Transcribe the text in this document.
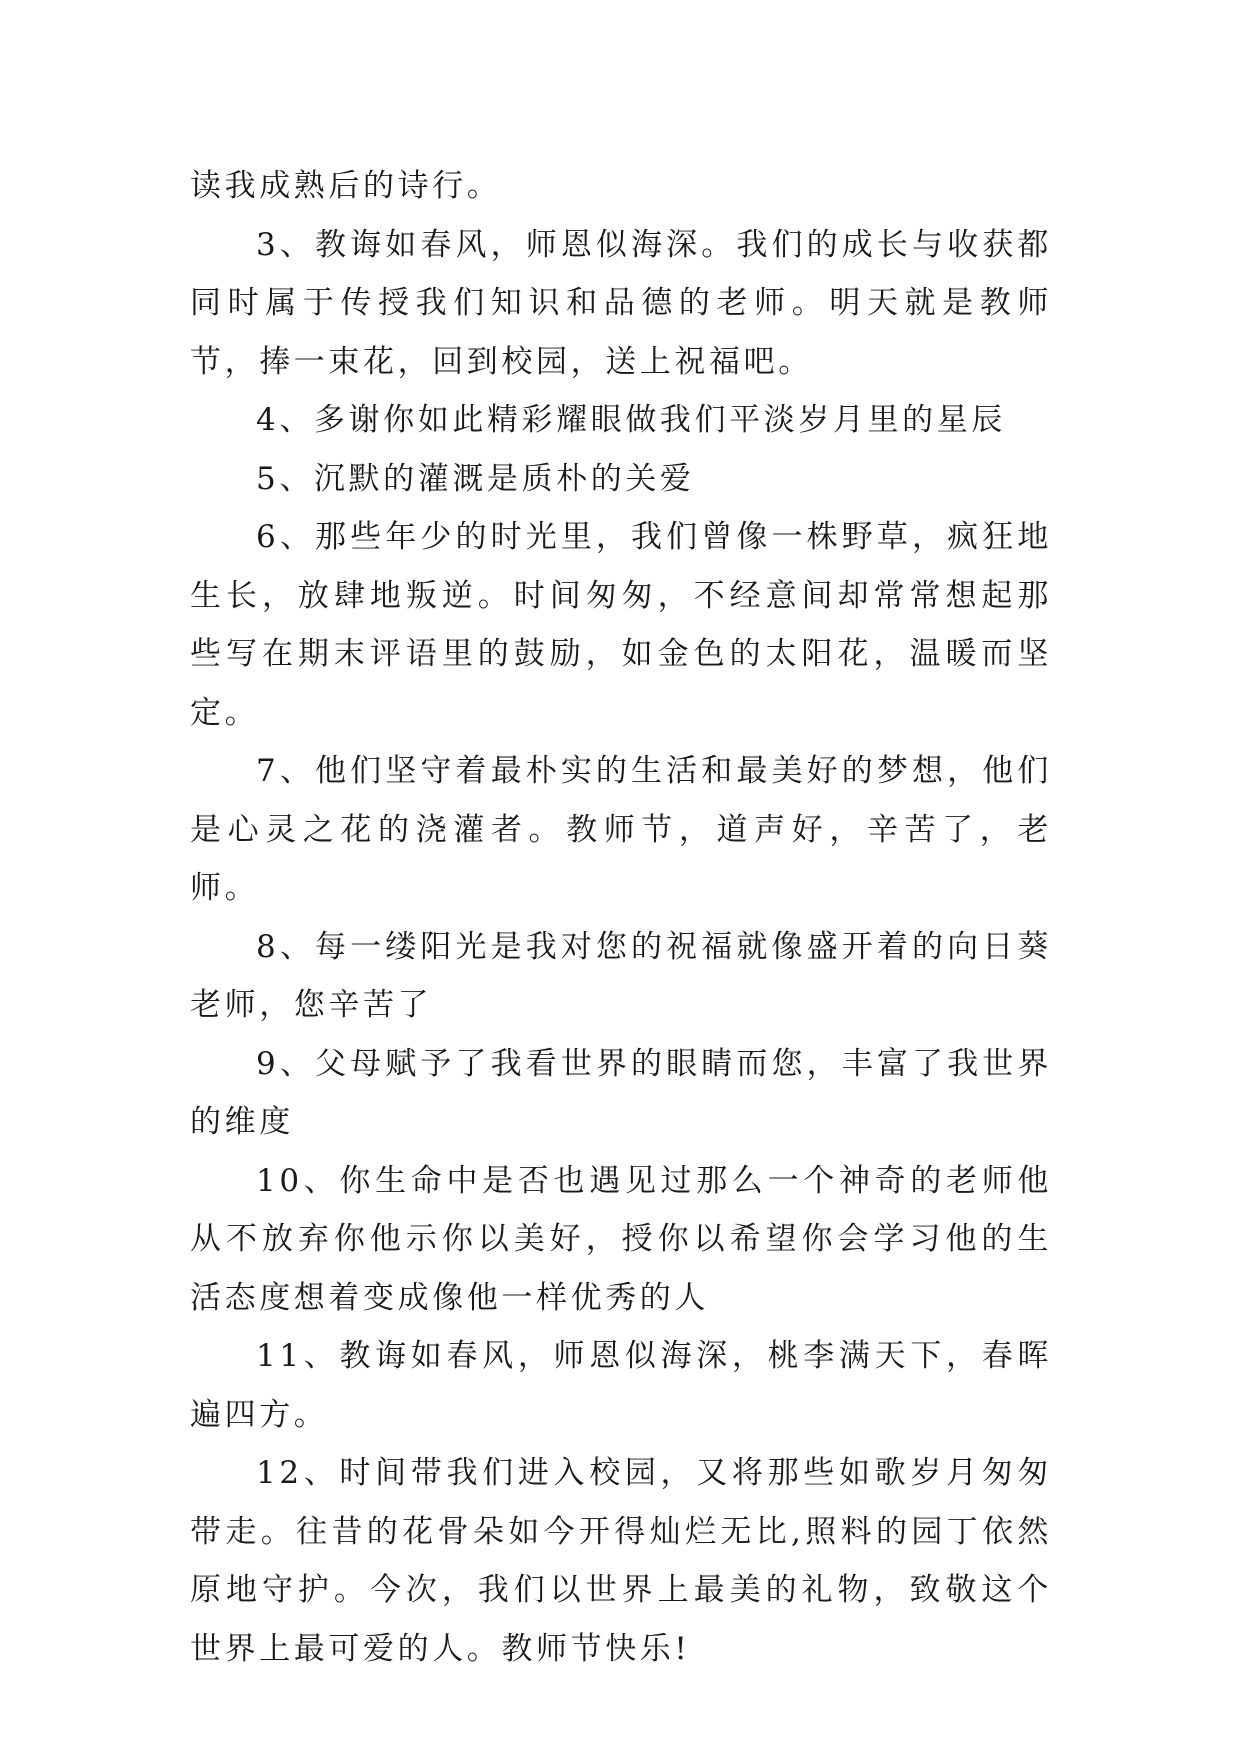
读我成熟后的诗行。

3、教诲如春风，师恩似海深。我们的成长与收获都同时属于传授我们知识和品德的老师。明天就是教师节，捧一束花，回到校园，送上祝福吧。

4、多谢你如此精彩耀眼做我们平淡岁月里的星辰

5、沉默的灌溉是质朴的关爱

6、那些年少的时光里，我们曾像一株野草，疯狂地生长，放肆地叛逆。时间匆匆，不经意间却常常想起那些写在期末评语里的鼓励，如金色的太阳花，温暖而坚定。

7、他们坚守着最朴实的生活和最美好的梦想，他们是心灵之花的浇灌者。教师节，道声好，辛苦了，老师。

8、每一缕阳光是我对您的祝福就像盛开着的向日葵老师，您辛苦了

9、父母赋予了我看世界的眼睛而您，丰富了我世界的维度

10、你生命中是否也遇见过那么一个神奇的老师他从不放弃你他示你以美好，授你以希望你会学习他的生活态度想着变成像他一样优秀的人

11、教诲如春风，师恩似海深，桃李满天下，春晖遍四方。

12、时间带我们进入校园，又将那些如歌岁月匆匆带走。往昔的花骨朵如今开得灿烂无比,照料的园丁依然原地守护。今次，我们以世界上最美的礼物，致敬这个世界上最可爱的人。教师节快乐!
